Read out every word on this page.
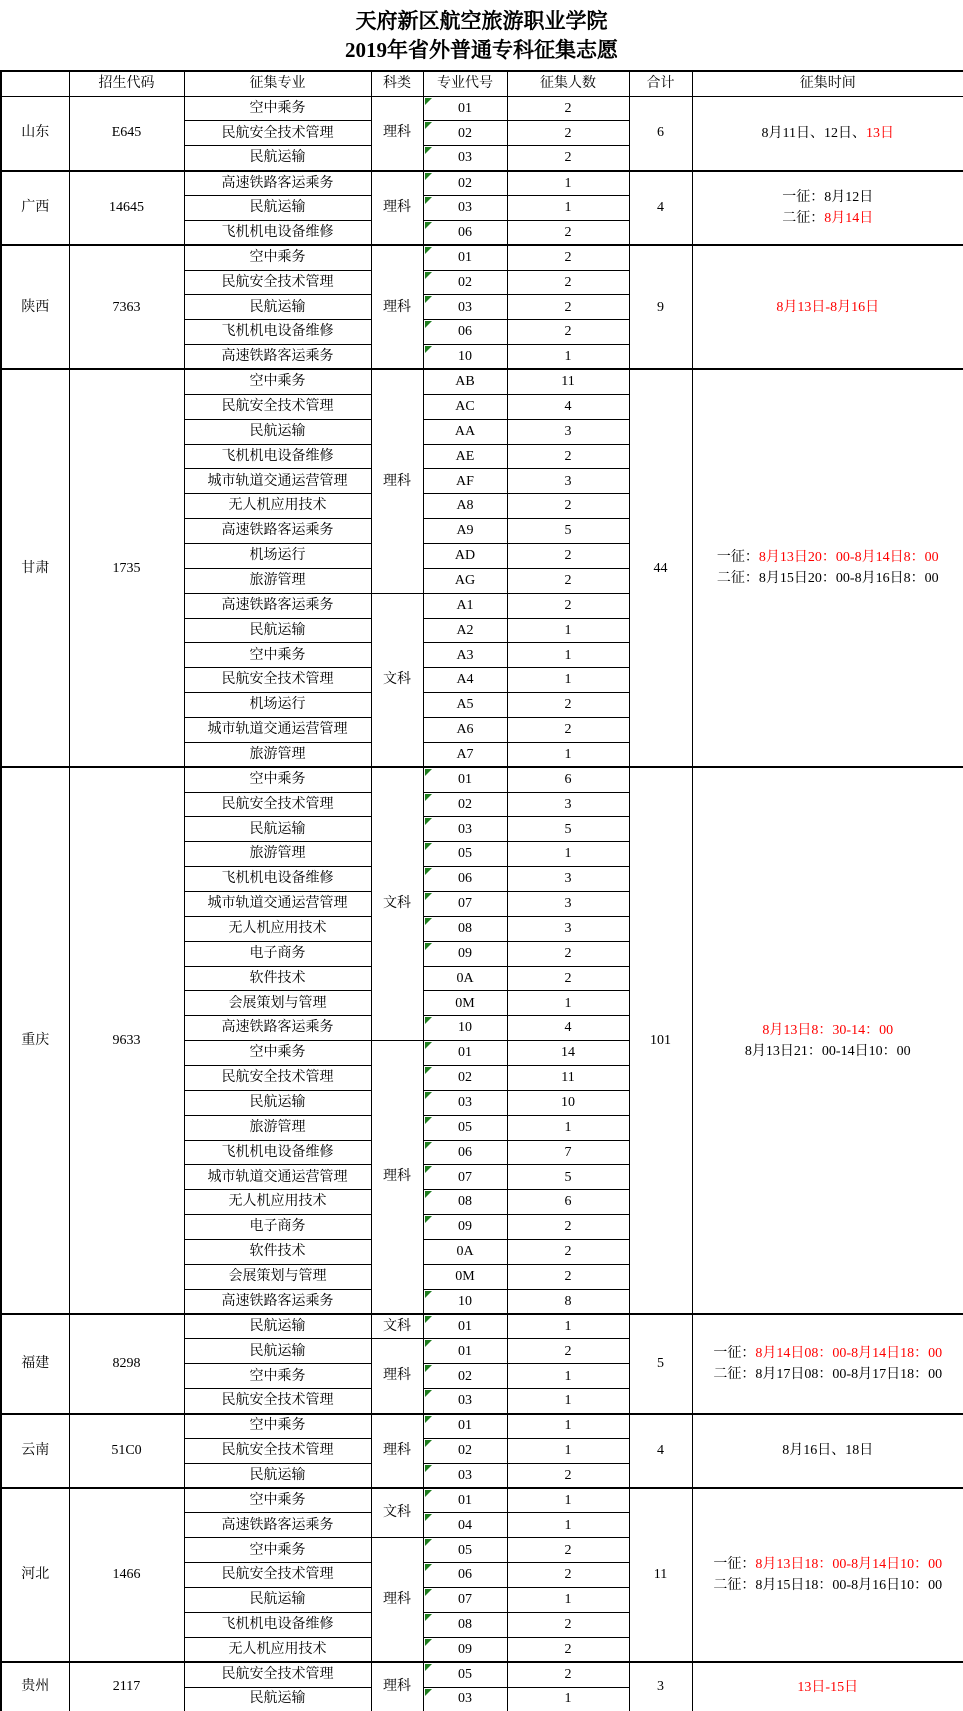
天府新区航空旅游职业学院
2019年省外普通专科征集志愿
	招生代码	征集专业	科类	专业代号	征集人数	合计	征集时间
山东	E645	空中乘务	理科	01	2	6	8月11日、12日、13日

		民航安全技术管理		02	2		
		民航运输		03	2		
广西	14645	高速铁路客运乘务	理科	02	1	4	一征：8月12日
二征：8月14日

		民航运输		03	1		
		飞机机电设备维修		06	2		
陕西	7363	空中乘务	理科	01	2	9	8月13日-8月16日

		民航安全技术管理		02	2		
		民航运输		03	2		
		飞机机电设备维修		06	2		
		高速铁路客运乘务		10	1		
甘肃	1735	空中乘务	理科	AB	11	44	一征：8月13日20：00-8月14日8：00
二征：8月15日20：00-8月16日8：00

		民航安全技术管理		AC	4		
		民航运输		AA	3		
		飞机机电设备维修		AE	2		
		城市轨道交通运营管理		AF	3		
		无人机应用技术		A8	2		
		高速铁路客运乘务		A9	5		
		机场运行		AD	2		
		旅游管理		AG	2		
		高速铁路客运乘务	文科	A1	2		
		民航运输		A2	1		
		空中乘务		A3	1		
		民航安全技术管理		A4	1		
		机场运行		A5	2		
		城市轨道交通运营管理		A6	2		
		旅游管理		A7	1		
重庆	9633	空中乘务	文科	01	6	101	8月13日8：30-14：00
8月13日21：00-14日10：00

		民航安全技术管理		02	3		
		民航运输		03	5		
		旅游管理		05	1		
		飞机机电设备维修		06	3		
		城市轨道交通运营管理		07	3		
		无人机应用技术		08	3		
		电子商务		09	2		
		软件技术		0A	2		
		会展策划与管理		0M	1		
		高速铁路客运乘务		10	4		
		空中乘务	理科	01	14		
		民航安全技术管理		02	11		
		民航运输		03	10		
		旅游管理		05	1		
		飞机机电设备维修		06	7		
		城市轨道交通运营管理		07	5		
		无人机应用技术		08	6		
		电子商务		09	2		
		软件技术		0A	2		
		会展策划与管理		0M	2		
		高速铁路客运乘务		10	8		
福建	8298	民航运输	文科	01	1	5	一征：8月14日08：00-8月14日18：00
二征：8月17日08：00-8月17日18：00

		民航运输	理科	01	2		
		空中乘务		02	1		
		民航安全技术管理		03	1		
云南	51C0	空中乘务	理科	01	1	4	8月16日、18日

		民航安全技术管理		02	1		
		民航运输		03	2		
河北	1466	空中乘务	文科	01	1	11	一征：8月13日18：00-8月14日10：00
二征：8月15日18：00-8月16日10：00

		高速铁路客运乘务		04	1		
		空中乘务	理科	05	2		
		民航安全技术管理		06	2		
		民航运输		07	1		
		飞机机电设备维修		08	2		
		无人机应用技术		09	2		
贵州	2117	民航安全技术管理	理科	05	2	3	13日-15日

		民航运输		03	1		
